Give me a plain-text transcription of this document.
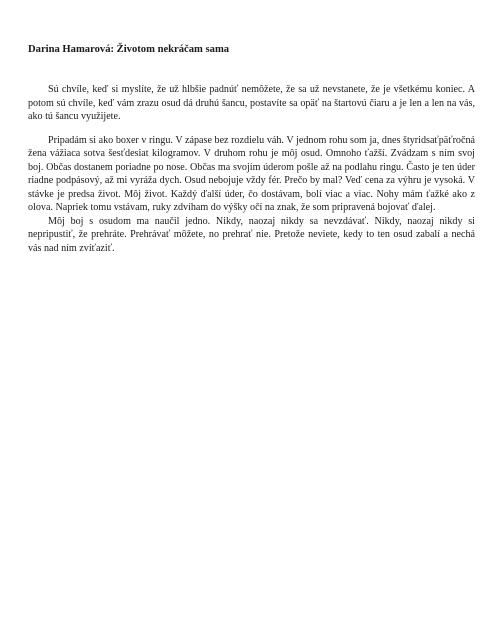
Darina Hamarová: Životom nekráčam sama

Sú chvíle, keď si myslíte, že už hlbšie padnúť nemôžete, že sa už nevstanete, že je všetkému koniec. A potom sú chvíle, keď vám zrazu osud dá druhú šancu, postavíte sa opäť na štartovú čiaru a je len a len na vás, ako tú šancu využijete.

Pripadám si ako boxer v ringu. V zápase bez rozdielu váh. V jednom rohu som ja, dnes štyridsaťpäťročná žena vážiaca sotva šesťdesiat kilogramov. V druhom rohu je môj osud. Omnoho ťažší. Zvádzam s ním svoj boj. Občas dostanem poriadne po nose. Občas ma svojím úderom pošle až na podlahu ringu. Často je ten úder riadne podpásový, až mi vyráža dych. Osud nebojuje vždy fér. Prečo by mal? Veď cena za výhru je vysoká. V stávke je predsa život. Môj život. Každý ďalší úder, čo dostávam, bolí viac a viac. Nohy mám ťažké ako z olova. Napriek tomu vstávam, ruky zdvíham do výšky očí na znak, že som pripravená bojovať ďalej.

Môj boj s osudom ma naučil jedno. Nikdy, naozaj nikdy sa nevzdávať. Nikdy, naozaj nikdy si nepripustiť, že prehráte. Prehrávať môžete, no prehrať nie. Pretože neviete, kedy to ten osud zabalí a nechá vás nad ním zvíťaziť.
